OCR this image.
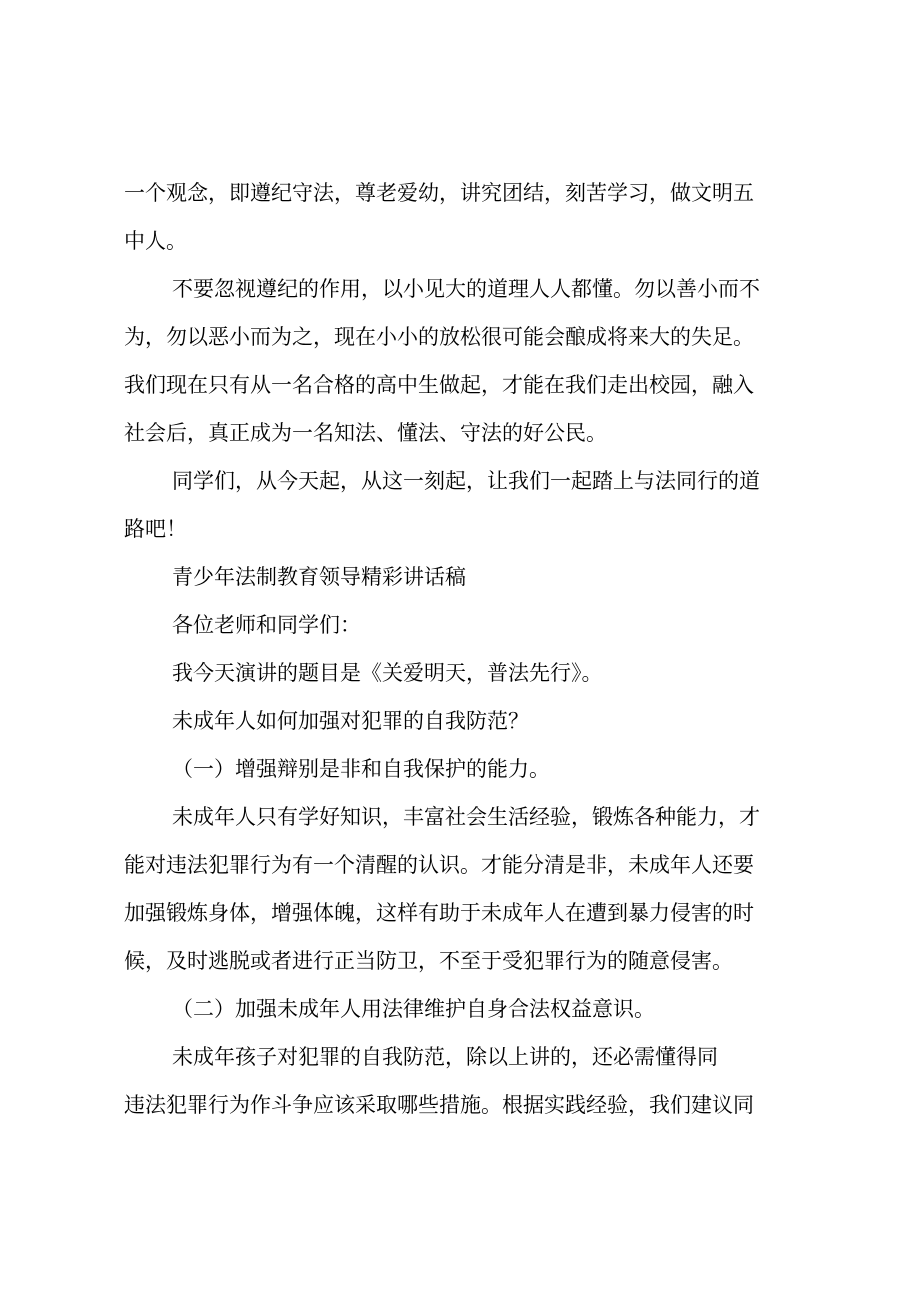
一个观念，即遵纪守法，尊老爱幼，讲究团结，刻苦学习，做文明五
中人。
不要忽视遵纪的作用，以小见大的道理人人都懂。勿以善小而不
为，勿以恶小而为之，现在小小的放松很可能会酿成将来大的失足。
我们现在只有从一名合格的高中生做起，才能在我们走出校园，融入
社会后，真正成为一名知法、懂法、守法的好公民。
同学们，从今天起，从这一刻起，让我们一起踏上与法同行的道
路吧！
青少年法制教育领导精彩讲话稿
各位老师和同学们：
我今天演讲的题目是《关爱明天，普法先行》。
未成年人如何加强对犯罪的自我防范？
（一）增强辩别是非和自我保护的能力。
未成年人只有学好知识，丰富社会生活经验，锻炼各种能力，才
能对违法犯罪行为有一个清醒的认识。才能分清是非，未成年人还要
加强锻炼身体，增强体魄，这样有助于未成年人在遭到暴力侵害的时
候，及时逃脱或者进行正当防卫，不至于受犯罪行为的随意侵害。
（二）加强未成年人用法律维护自身合法权益意识。
未成年孩子对犯罪的自我防范，除以上讲的，还必需懂得同
违法犯罪行为作斗争应该采取哪些措施。根据实践经验，我们建议同
